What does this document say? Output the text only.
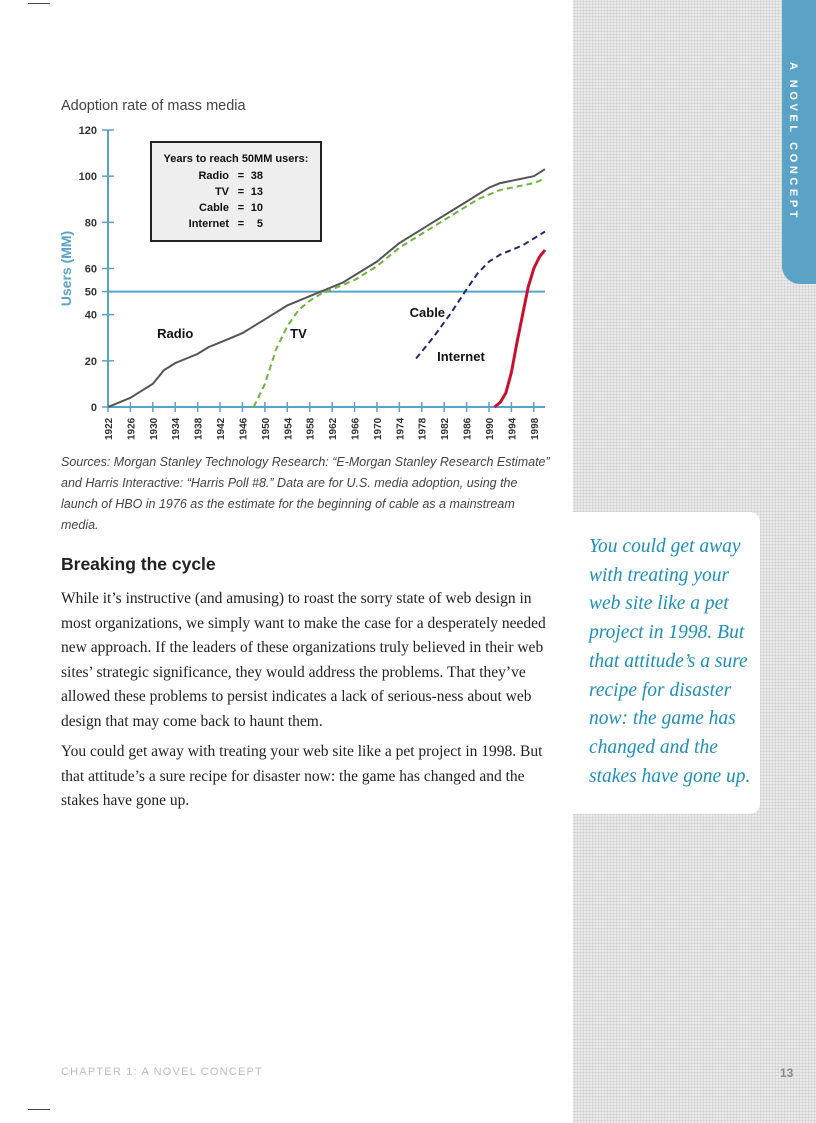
A NOVEL CONCEPT
Adoption rate of mass media
0
20
40
50
60
80
100
120
1922 1926 1930 1934 1938 1942 1946 1950 1954 1958 1962 1966 1970 1974 1978 1982 1986 1990 1994 1998
Users (MM)
Radio	TV
Cable
Internet
Years to reach 50MM users:
Radio = 38
TV = 13
Cable = 10
Internet = 5
Sources: Morgan Stanley Technology Research: “E-Morgan Stanley Research Estimate” and Harris Interactive: “Harris Poll #8.” Data are for U.S. media adoption, using the launch of HBO in 1976 as the estimate for the beginning of cable as a mainstream media.
Breaking the cycle

While it’s instructive (and amusing) to roast the sorry state of web design in most organizations, we simply want to make the case for a desperately needed new approach. If the leaders of these organizations truly believed in their web sites’ strategic significance, they would address the problems. That they’ve allowed these problems to persist indicates a lack of serious-ness about web design that may come back to haunt them.

You could get away with treating your web site like a pet project in 1998. But that attitude’s a sure recipe for disaster now: the game has changed and the stakes have gone up.

You could get away with treating your web site like a pet project in 1998. But that attitude’s a sure recipe for disaster now: the game has changed and the stakes have gone up.
CHAPTER 1: A NOVEL CONCEPT	13
